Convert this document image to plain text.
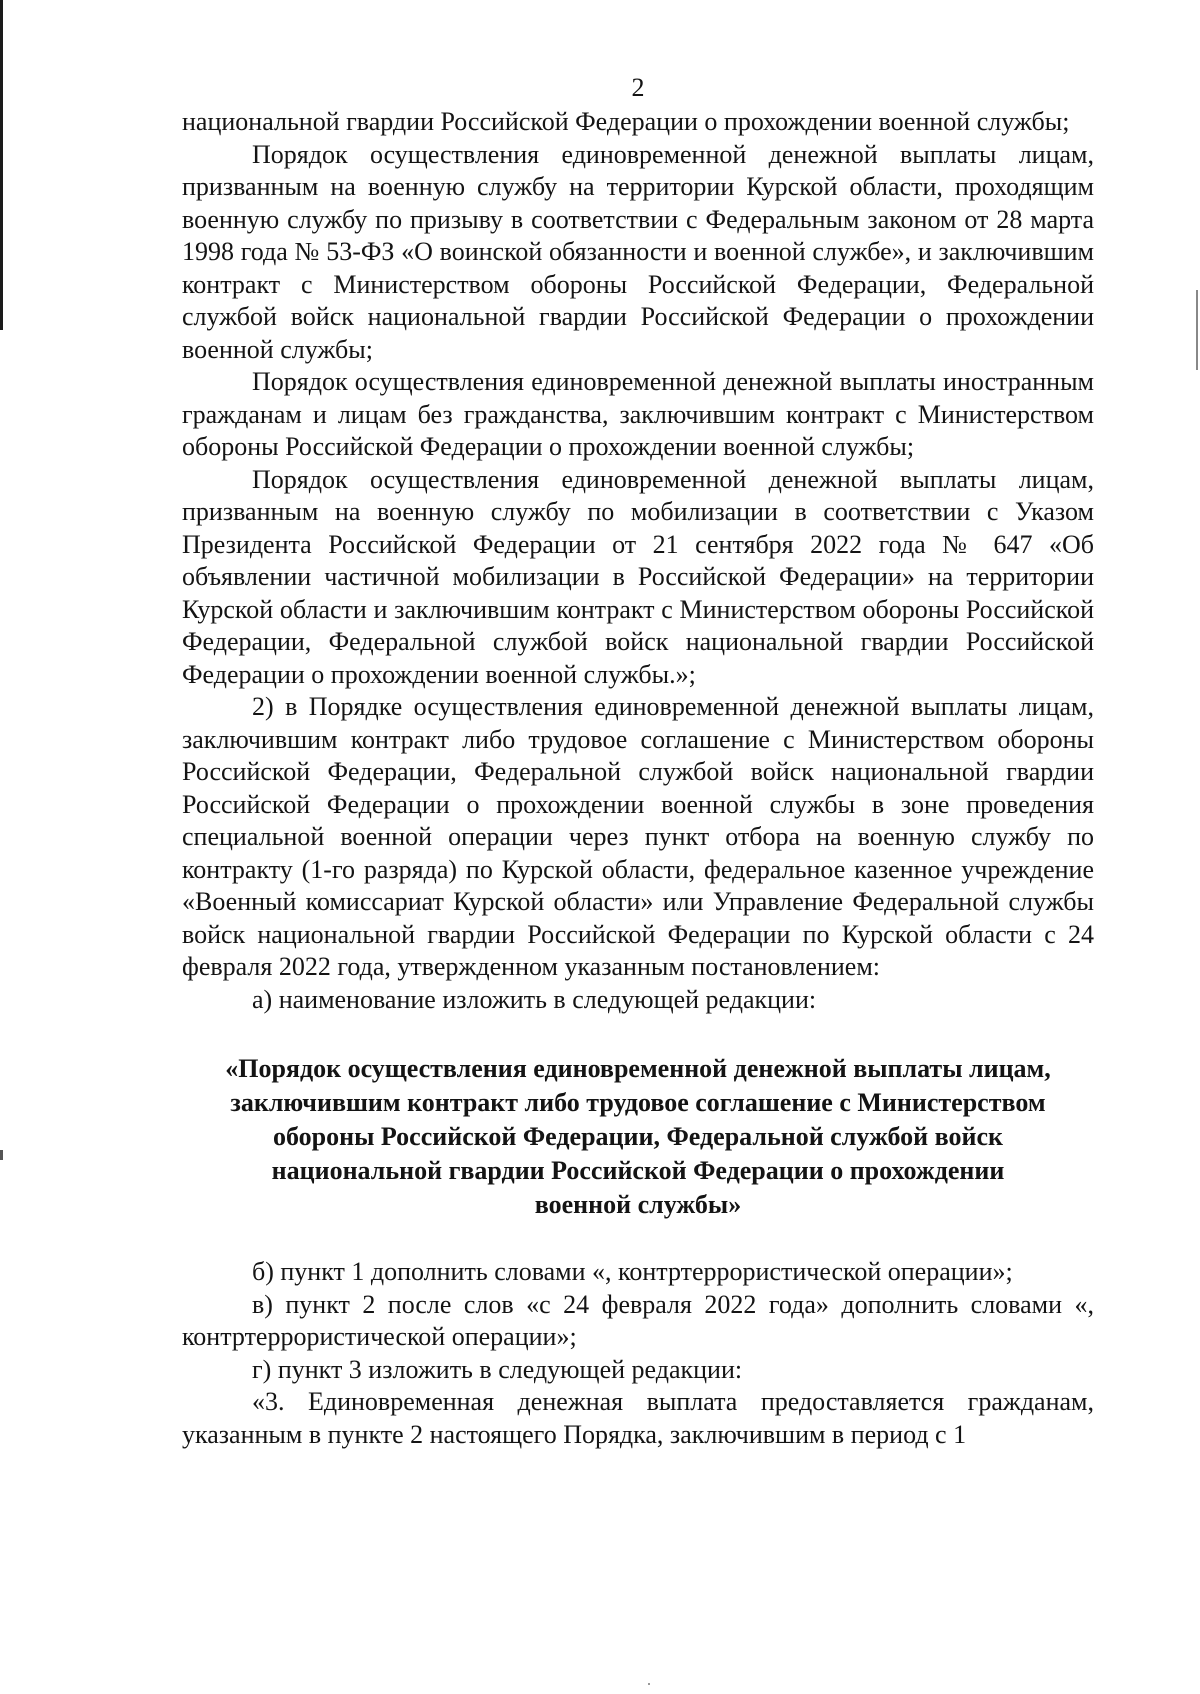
2

национальной гвардии Российской Федерации о прохождении военной службы;

Порядок осуществления единовременной денежной выплаты лицам, призванным на военную службу на территории Курской области, проходящим военную службу по призыву в соответствии с Федеральным законом от 28 марта 1998 года № 53-ФЗ «О воинской обязанности и военной службе», и заключившим контракт с Министерством обороны Российской Федерации, Федеральной службой войск национальной гвардии Российской Федерации о прохождении военной службы;

Порядок осуществления единовременной денежной выплаты иностранным гражданам и лицам без гражданства, заключившим контракт с Министерством обороны Российской Федерации о прохождении военной службы;

Порядок осуществления единовременной денежной выплаты лицам, призванным на военную службу по мобилизации в соответствии с Указом Президента Российской Федерации от 21 сентября 2022 года № 647 «Об объявлении частичной мобилизации в Российской Федерации» на территории Курской области и заключившим контракт с Министерством обороны Российской Федерации, Федеральной службой войск национальной гвардии Российской Федерации о прохождении военной службы.»;

2) в Порядке осуществления единовременной денежной выплаты лицам, заключившим контракт либо трудовое соглашение с Министерством обороны Российской Федерации, Федеральной службой войск национальной гвардии Российской Федерации о прохождении военной службы в зоне проведения специальной военной операции через пункт отбора на военную службу по контракту (1-го разряда) по Курской области, федеральное казенное учреждение «Военный комиссариат Курской области» или Управление Федеральной службы войск национальной гвардии Российской Федерации по Курской области с 24 февраля 2022 года, утвержденном указанным постановлением:

а) наименование изложить в следующей редакции:

«Порядок осуществления единовременной денежной выплаты лицам, заключившим контракт либо трудовое соглашение с Министерством обороны Российской Федерации, Федеральной службой войск национальной гвардии Российской Федерации о прохождении военной службы»

б) пункт 1 дополнить словами «, контртеррористической операции»;

в) пункт 2 после слов «с 24 февраля 2022 года» дополнить словами «, контртеррористической операции»;

г) пункт 3 изложить в следующей редакции:

«3. Единовременная денежная выплата предоставляется гражданам, указанным в пункте 2 настоящего Порядка, заключившим в период с 1
